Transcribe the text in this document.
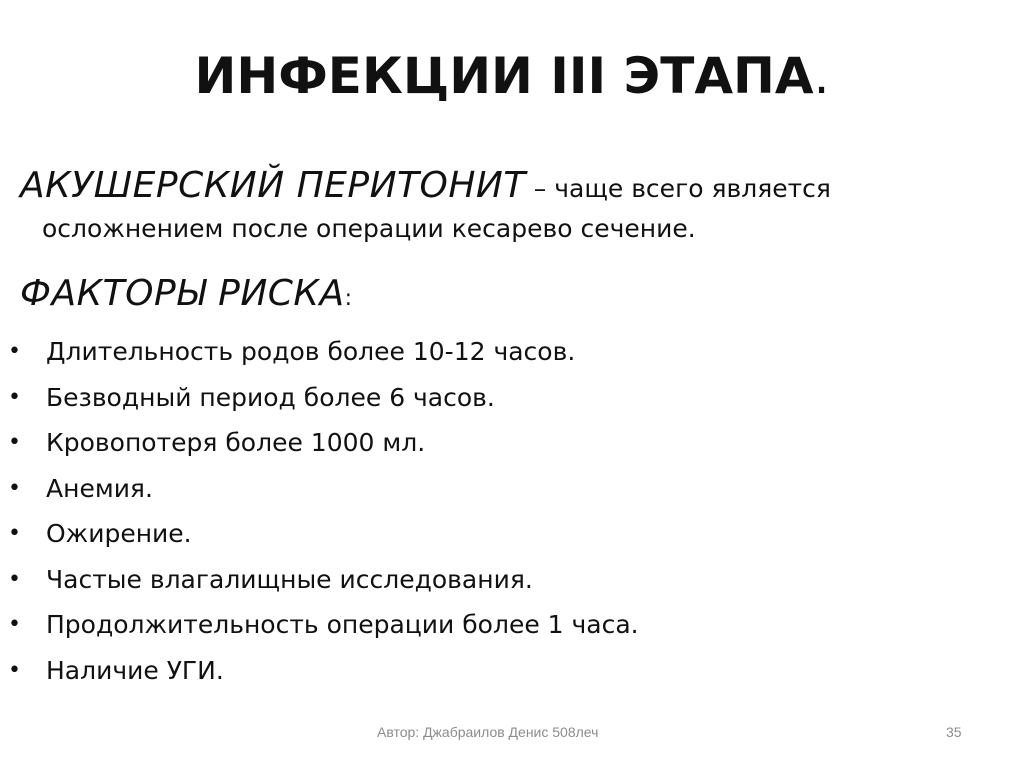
ИНФЕКЦИИ III ЭТАПА.
АКУШЕРСКИЙ ПЕРИТОНИТ – чаще всего является
осложнением после операции кесарево сечение.
ФАКТОРЫ РИСКА:
• Длительность родов более 10-12 часов.
• Безводный период более 6 часов.
• Кровопотеря более 1000 мл.
• Анемия.
• Ожирение.
• Частые влагалищные исследования.
• Продолжительность операции более 1 часа.
• Наличие УГИ.
Автор: Джабраилов Денис 508леч	35
